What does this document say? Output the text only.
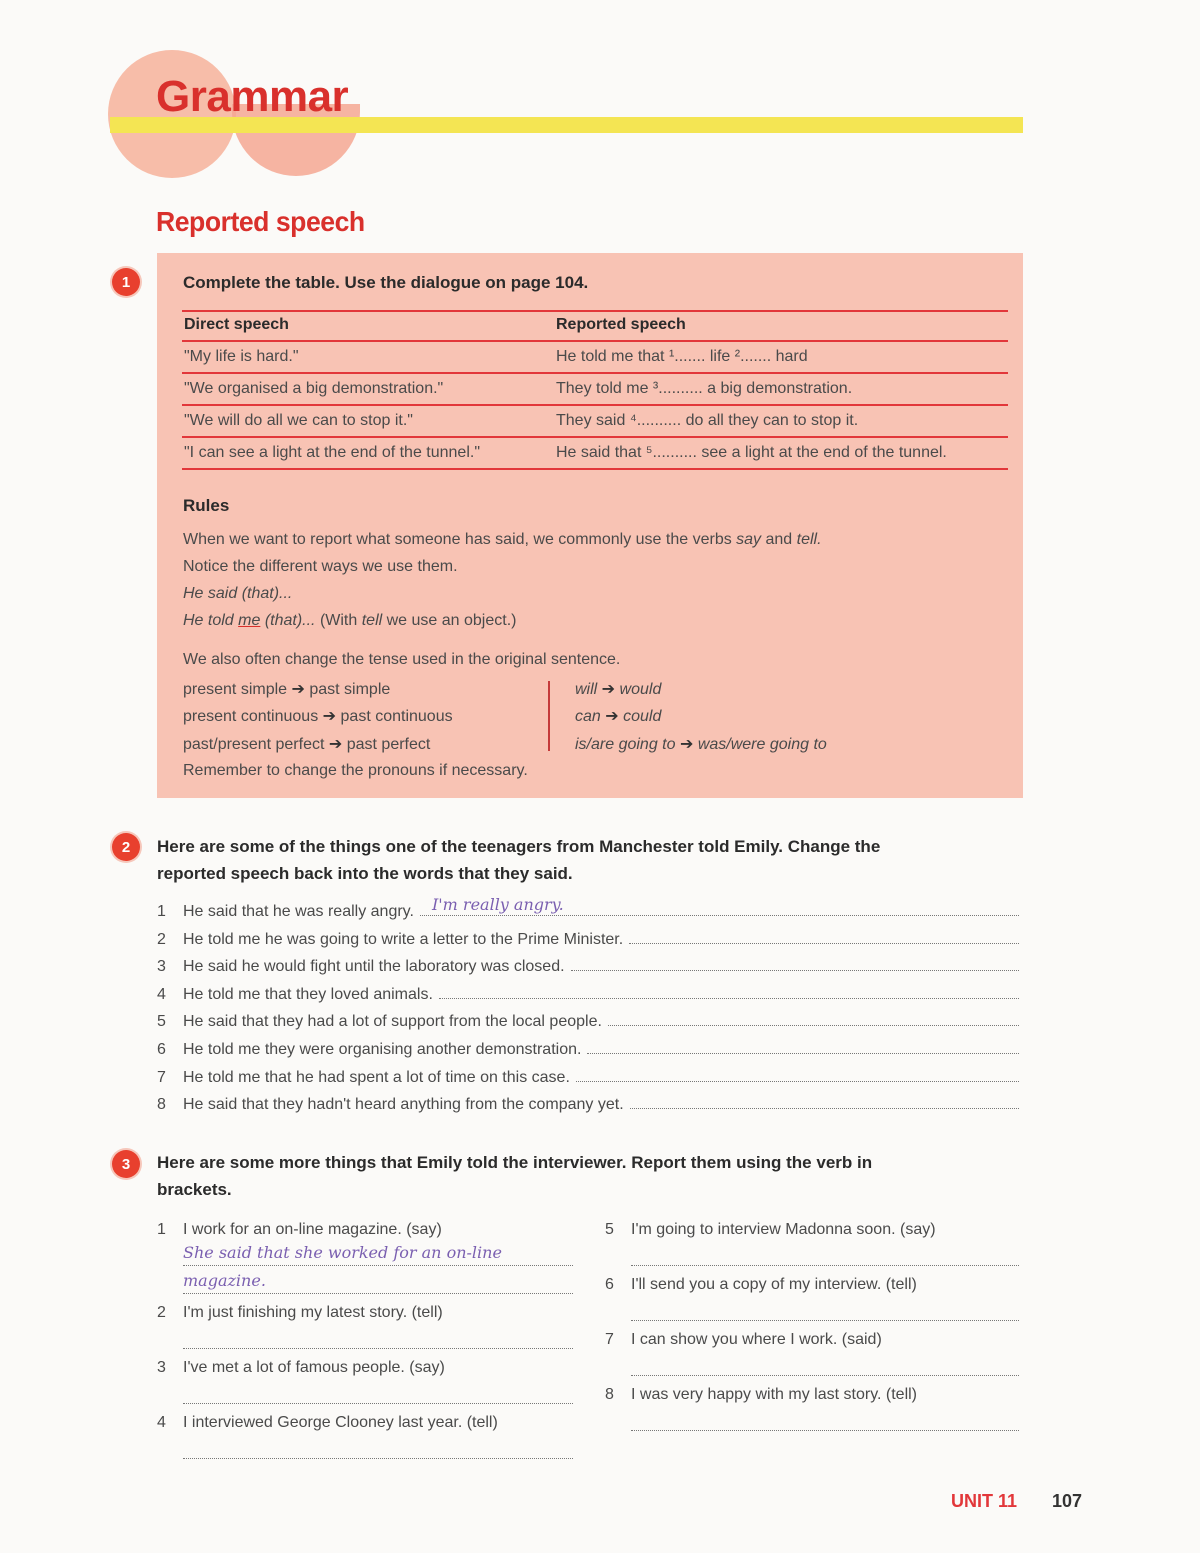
Grammar
Reported speech
1	Complete the table. Use the dialogue on page 104.
Direct speech	Reported speech
"My life is hard."	He told me that ¹....... life ²....... hard
"We organised a big demonstration."	They told me ³.......... a big demonstration.
"We will do all we can to stop it."	They said ⁴.......... do all they can to stop it.
"I can see a light at the end of the tunnel."	He said that ⁵.......... see a light at the end of the tunnel.
Rules
When we want to report what someone has said, we commonly use the verbs say and tell.
Notice the different ways we use them.
He said (that)...
He told me (that)... (With tell we use an object.)
We also often change the tense used in the original sentence.
present simple ➔ past simple
present continuous ➔ past continuous
past/present perfect ➔ past perfect
will ➔ would
can ➔ could
is/are going to ➔ was/were going to
Remember to change the pronouns if necessary.
2	Here are some of the things one of the teenagers from Manchester told Emily. Change the
reported speech back into the words that they said.
1	He said that he was really angry. I'm really angry.
2	He told me he was going to write a letter to the Prime Minister.
3	He said he would fight until the laboratory was closed.
4	He told me that they loved animals.
5	He said that they had a lot of support from the local people.
6	He told me they were organising another demonstration.
7	He told me that he had spent a lot of time on this case.
8	He said that they hadn't heard anything from the company yet.
3	Here are some more things that Emily told the interviewer. Report them using the verb in
brackets.
1	I work for an on-line magazine. (say)
She said that she worked for an on-line
magazine.
2	I'm just finishing my latest story. (tell)
3	I've met a lot of famous people. (say)
4	I interviewed George Clooney last year. (tell)
5	I'm going to interview Madonna soon. (say)
6	I'll send you a copy of my interview. (tell)
7	I can show you where I work. (said)
8	I was very happy with my last story. (tell)
UNIT 11 107
